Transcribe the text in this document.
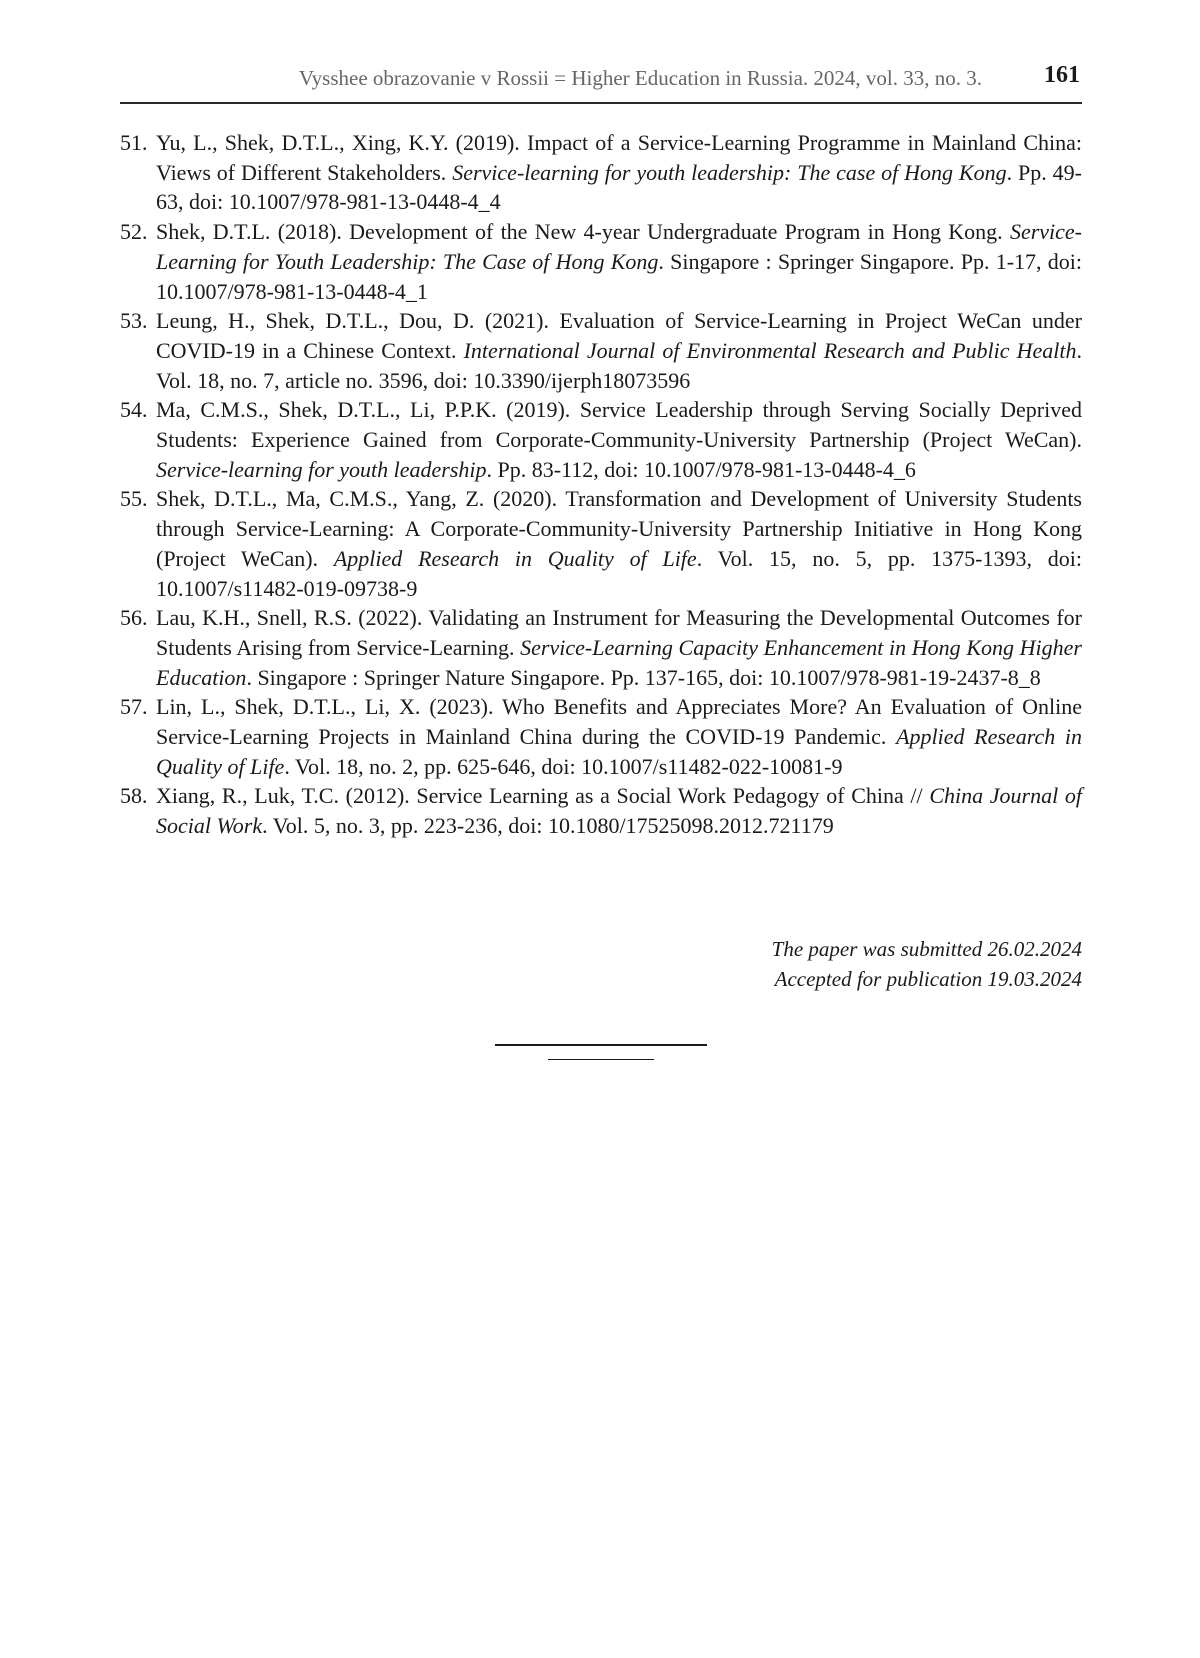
Vysshee obrazovanie v Rossii = Higher Education in Russia. 2024, vol. 33, no. 3.	161
51. Yu, L., Shek, D.T.L., Xing, K.Y. (2019). Impact of a Service-Learning Programme in Mainland China: Views of Different Stakeholders. Service-learning for youth leadership: The case of Hong Kong. Pp. 49-63, doi: 10.1007/978-981-13-0448-4_4
52. Shek, D.T.L. (2018). Development of the New 4-year Undergraduate Program in Hong Kong. Service-Learning for Youth Leadership: The Case of Hong Kong. Singapore : Springer Singapore. Pp. 1-17, doi: 10.1007/978-981-13-0448-4_1
53. Leung, H., Shek, D.T.L., Dou, D. (2021). Evaluation of Service-Learning in Project WeCan under COVID-19 in a Chinese Context. International Journal of Environmental Research and Public Health. Vol. 18, no. 7, article no. 3596, doi: 10.3390/ijerph18073596
54. Ma, C.M.S., Shek, D.T.L., Li, P.P.K. (2019). Service Leadership through Serving Socially Deprived Students: Experience Gained from Corporate-Community-University Partnership (Project WeCan). Service-learning for youth leadership. Pp. 83-112, doi: 10.1007/978-981-13-0448-4_6
55. Shek, D.T.L., Ma, C.M.S., Yang, Z. (2020). Transformation and Development of University Students through Service-Learning: A Corporate-Community-University Partnership Initiative in Hong Kong (Project WeCan). Applied Research in Quality of Life. Vol. 15, no. 5, pp. 1375-1393, doi: 10.1007/s11482-019-09738-9
56. Lau, K.H., Snell, R.S. (2022). Validating an Instrument for Measuring the Developmental Outcomes for Students Arising from Service-Learning. Service-Learning Capacity Enhancement in Hong Kong Higher Education. Singapore : Springer Nature Singapore. Pp. 137-165, doi: 10.1007/978-981-19-2437-8_8
57. Lin, L., Shek, D.T.L., Li, X. (2023). Who Benefits and Appreciates More? An Evaluation of Online Service-Learning Projects in Mainland China during the COVID-19 Pandemic. Applied Research in Quality of Life. Vol. 18, no. 2, pp. 625-646, doi: 10.1007/s11482-022-10081-9
58. Xiang, R., Luk, T.C. (2012). Service Learning as a Social Work Pedagogy of China // China Journal of Social Work. Vol. 5, no. 3, pp. 223-236, doi: 10.1080/17525098.2012.721179
The paper was submitted 26.02.2024
Accepted for publication 19.03.2024
